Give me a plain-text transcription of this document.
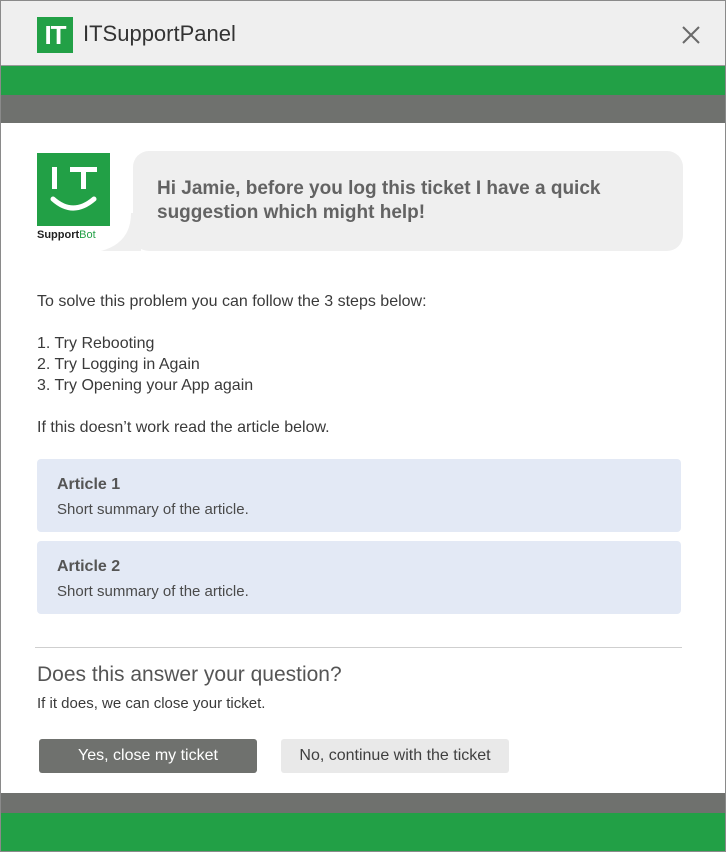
IT ITSupportPanel
Hi Jamie, before you log this ticket I have a quick suggestion which might help!
SupportBot
To solve this problem you can follow the 3 steps below:
1. Try Rebooting
2. Try Logging in Again
3. Try Opening your App again
If this doesn’t work read the article below.
Article 1
Short summary of the article.
Article 2
Short summary of the article.
Does this answer your question?
If it does, we can close your ticket.
Yes, close my ticket	No, continue with the ticket
